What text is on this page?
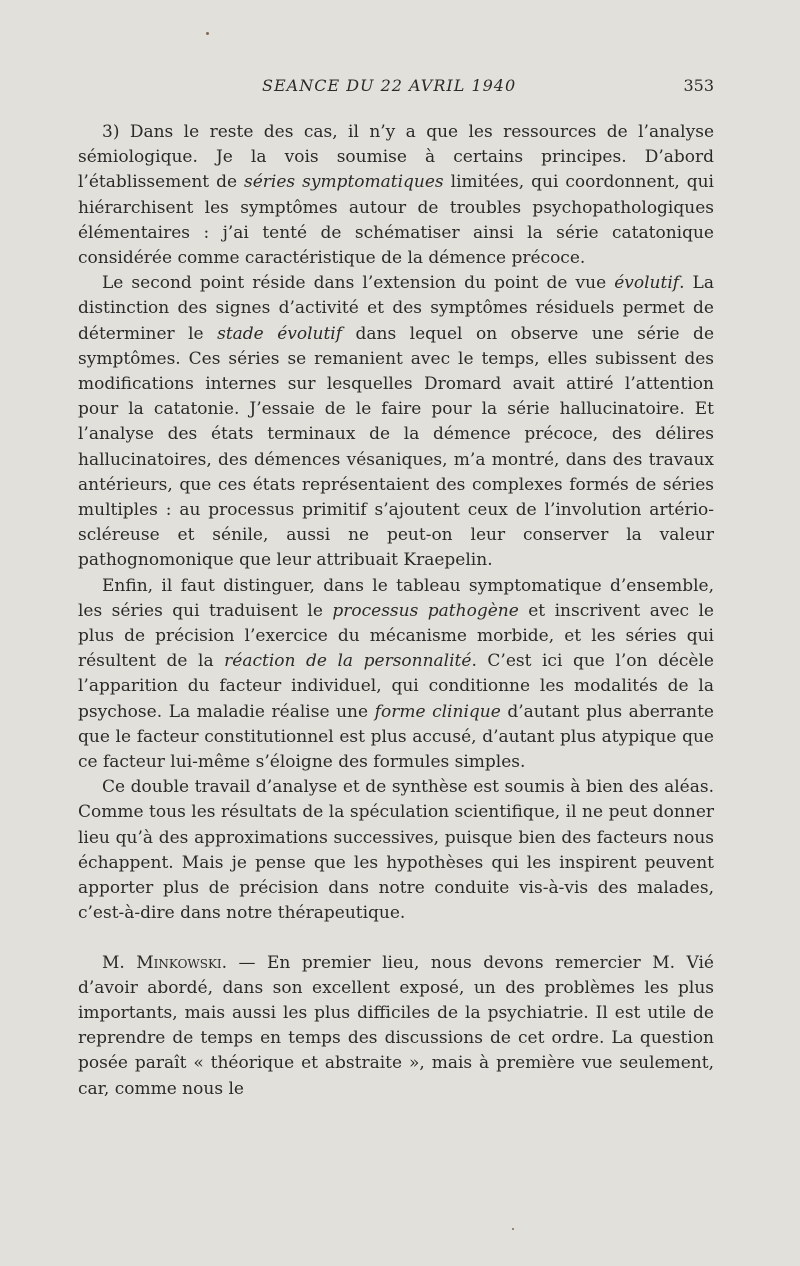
SEANCE DU 22 AVRIL 1940	353

3) Dans le reste des cas, il n’y a que les ressources de l’analyse sémiologique. Je la vois soumise à certains principes. D’abord l’établissement de séries symptomatiques limitées, qui coordonnent, qui hiérarchisent les symptômes autour de troubles psychopathologiques élémentaires : j’ai tenté de schématiser ainsi la série catatonique considérée comme caractéristique de la démence précoce.

Le second point réside dans l’extension du point de vue évolutif. La distinction des signes d’activité et des symptômes résiduels permet de déterminer le stade évolutif dans lequel on observe une série de symptômes. Ces séries se remanient avec le temps, elles subissent des modifications internes sur lesquelles Dromard avait attiré l’attention pour la catatonie. J’essaie de le faire pour la série hallucinatoire. Et l’analyse des états terminaux de la démence précoce, des délires hallucinatoires, des démences vésaniques, m’a montré, dans des travaux antérieurs, que ces états représentaient des complexes formés de séries multiples : au processus primitif s’ajoutent ceux de l’involution artério-scléreuse et sénile, aussi ne peut-on leur conserver la valeur pathognomonique que leur attribuait Kraepelin.

Enfin, il faut distinguer, dans le tableau symptomatique d’ensemble, les séries qui traduisent le processus pathogène et inscrivent avec le plus de précision l’exercice du mécanisme morbide, et les séries qui résultent de la réaction de la personnalité. C’est ici que l’on décèle l’apparition du facteur individuel, qui conditionne les modalités de la psychose. La maladie réalise une forme clinique d’autant plus aberrante que le facteur constitutionnel est plus accusé, d’autant plus atypique que ce facteur lui-même s’éloigne des formules simples.

Ce double travail d’analyse et de synthèse est soumis à bien des aléas. Comme tous les résultats de la spéculation scientifique, il ne peut donner lieu qu’à des approximations successives, puisque bien des facteurs nous échappent. Mais je pense que les hypothèses qui les inspirent peuvent apporter plus de précision dans notre conduite vis-à-vis des malades, c’est-à-dire dans notre thérapeutique.

M. Minkowski. — En premier lieu, nous devons remercier M. Vié d’avoir abordé, dans son excellent exposé, un des problèmes les plus importants, mais aussi les plus difficiles de la psychiatrie. Il est utile de reprendre de temps en temps des discussions de cet ordre. La question posée paraît « théorique et abstraite », mais à première vue seulement, car, comme nous le
